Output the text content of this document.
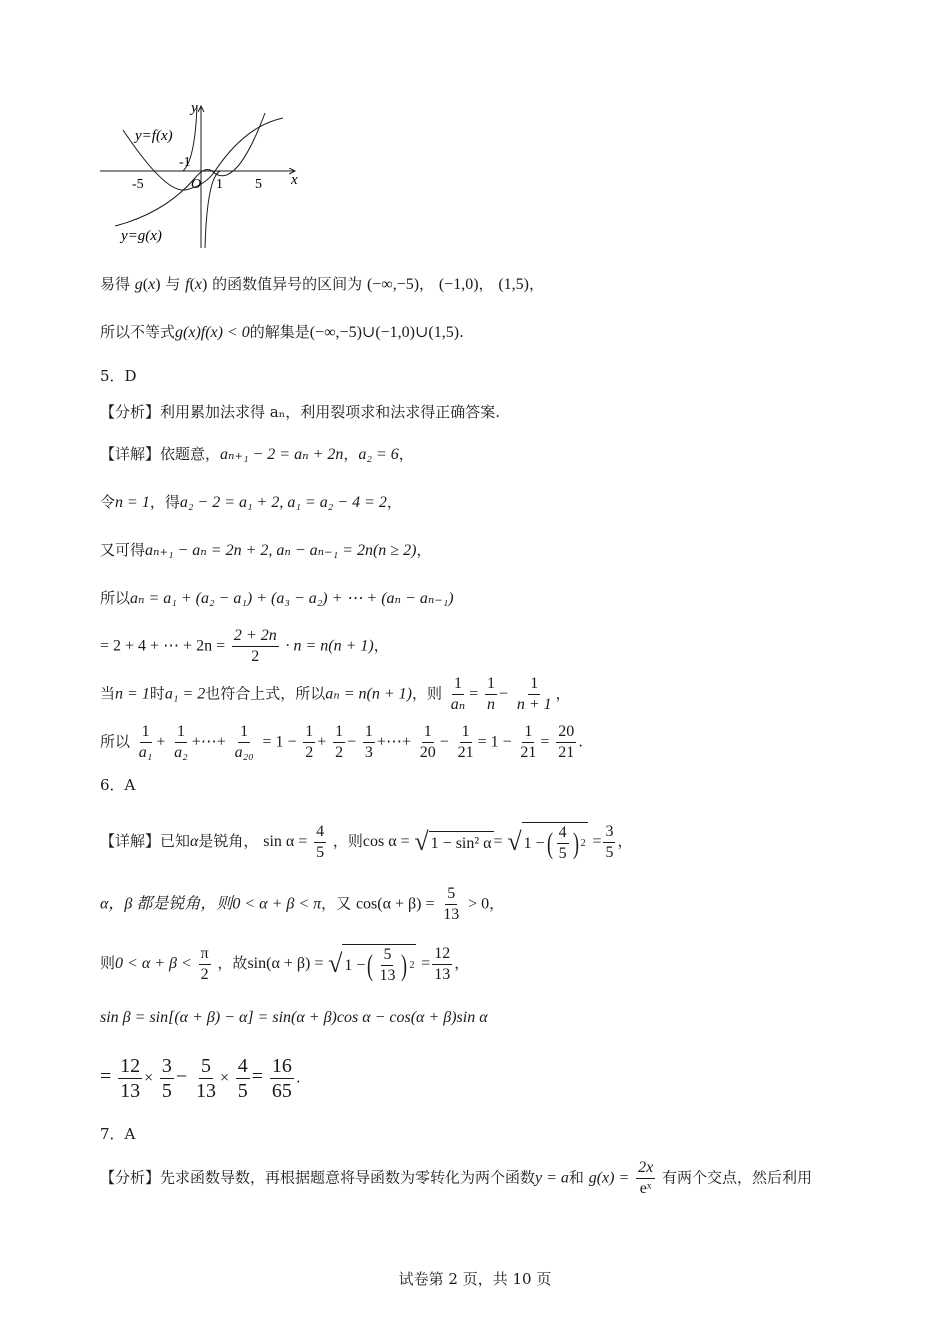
y
x
y=f(x)
y=g(x)
-1
-5	O 1 5
易得 g(x) 与 f(x) 的函数值异号的区间为 (−∞,−5)， (−1,0)， (1,5)，
所以不等式g(x)f(x) < 0的解集是(−∞,−5)∪(−1,0)∪(1,5).
5．D
【分析】利用累加法求得 aₙ，利用裂项求和法求得正确答案.
【详解】依题意，aₙ₊₁ − 2 = aₙ + 2n，a₂ = 6，
令n = 1，得a₂ − 2 = a₁ + 2, a₁ = a₂ − 4 = 2，
又可得aₙ₊₁ − aₙ = 2n + 2, aₙ − aₙ₋₁ = 2n(n ≥ 2)，
所以aₙ = a₁ + (a₂ − a₁) + (a₃ − a₂) + ⋯ + (aₙ − aₙ₋₁)
= 2 + 4 + ⋯ + $2n = \frac{2 + 2n}{2} \cdot n = n(n + 1)$，
当n = 1时a₁ = 2也符合上式，所以aₙ = n(n + 1)，则 $\frac{1}{\text{aₙ}} = \frac{1}{n} - \frac{1}{n + 1}$ ，
所以 $\frac{1}{\text{a₁}} + \frac{1}{\text{a₂}}$ +⋯+ $\frac{1}{\text{a₂₀}} = 1 - \frac{1}{2} + \frac{1}{2} - \frac{1}{3}$ +⋯+ $\frac{1}{20} - \frac{1}{21} = 1 - \frac{1}{21} = \frac{20}{21}$ .
6．A
【详解】已知α是锐角， $\sin \alpha = \frac{4}{5}$ ，则cos α = √ 1 − sin² α = √ 1 − ( $\frac{4}{5}$ ) $2 = \frac{3}{5}$ ，
α，β 都是锐角，则0 < α + β < π，又 $\cos(\alpha + \beta) = \frac{5}{13} > 0$，
则$0 < \alpha + \beta < \frac{\pi}{2}$ ，故sin(α + β) = √ 1 − ( $\frac{5}{13}$ ) $2 = \frac{12}{13}$ ，
sin β = sin[(α + β) − α] = sin(α + β)cos α − cos(α + β)sin α
= $\frac{12}{13} \times \frac{3}{5} - \frac{5}{13} \times \frac{4}{5} = \frac{16}{65}$ .
7．A
【分析】先求函数导数，再根据题意将导函数为零转化为两个函数y = a和 $g(x) = \frac{2x}{\text{eˣ}}$ 有两个交点，然后利用
试卷第 2 页，共 10 页
